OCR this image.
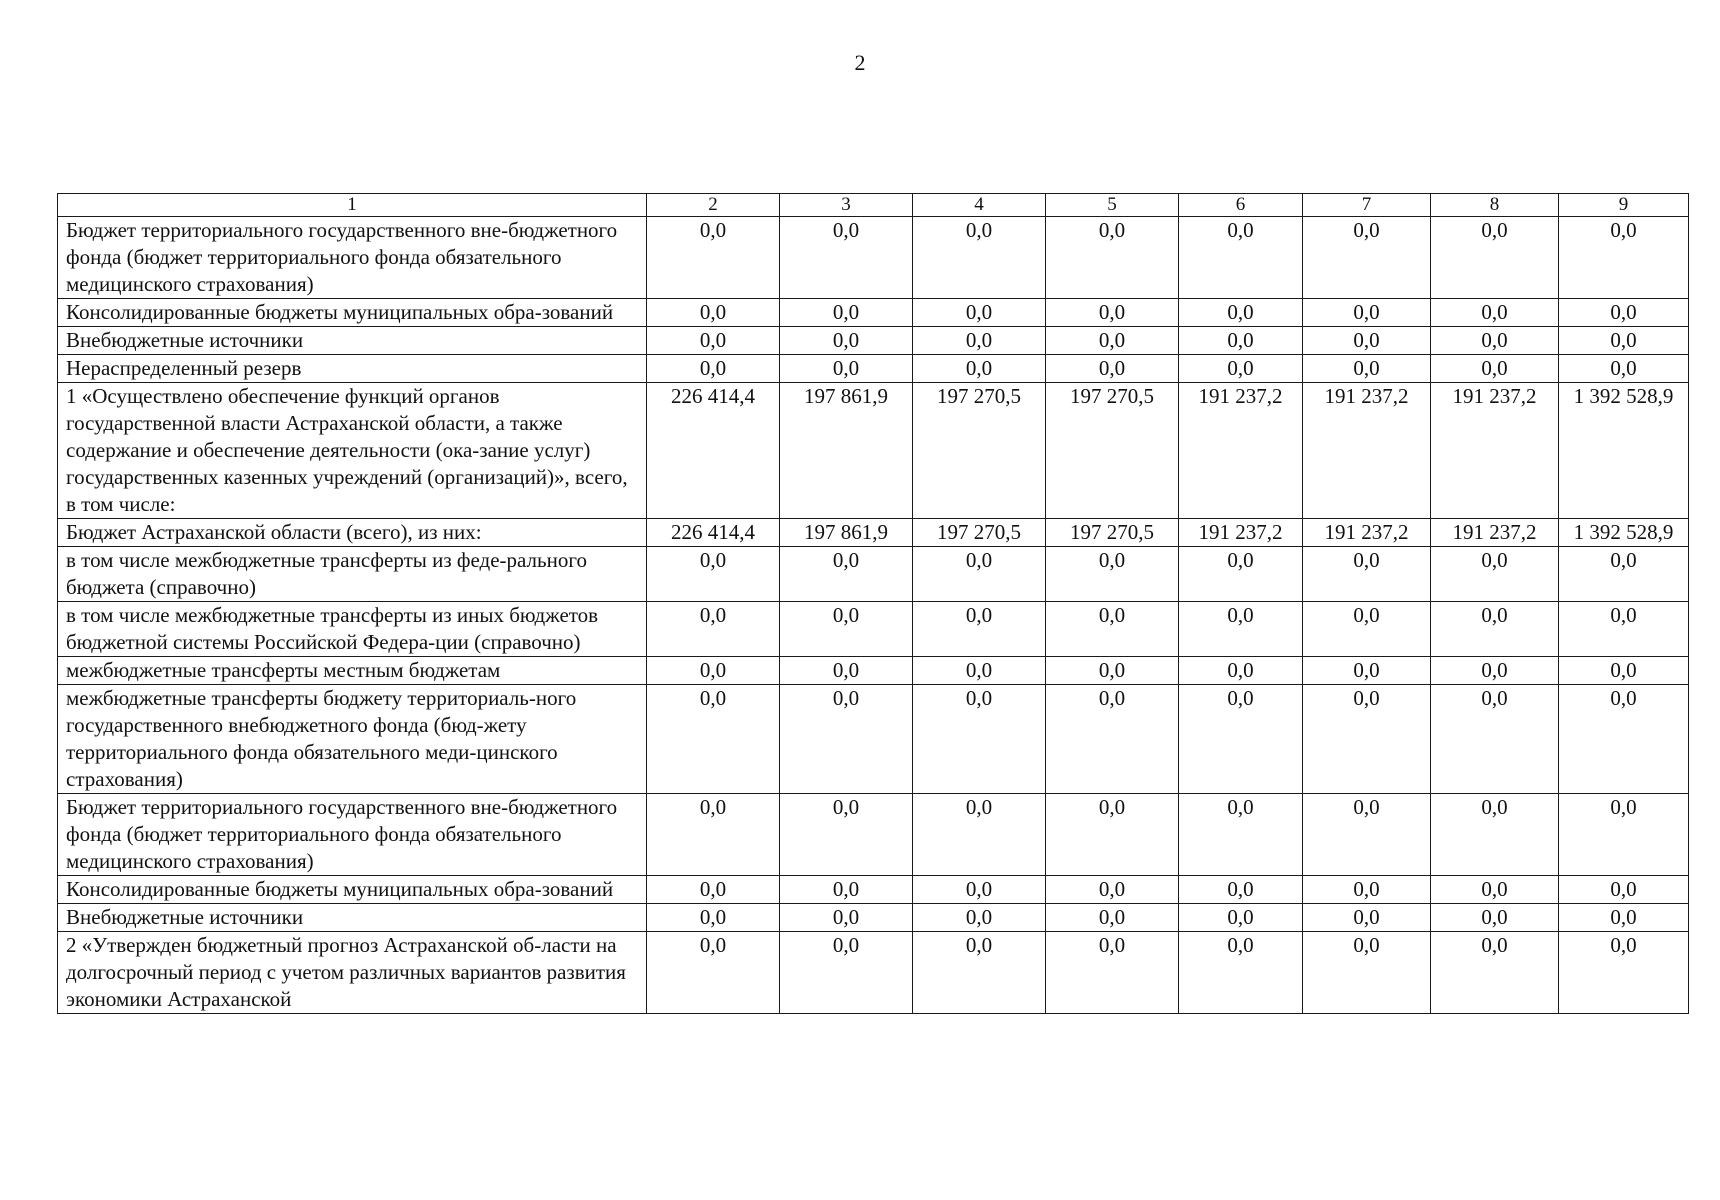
2
1	2	3	4	5	6	7	8	9
Бюджет территориального государственного вне-бюджетного фонда (бюджет территориального фонда обязательного медицинского страхования)	0,0	0,0	0,0	0,0	0,0	0,0	0,0	0,0
Консолидированные бюджеты муниципальных обра-зований	0,0	0,0	0,0	0,0	0,0	0,0	0,0	0,0
Внебюджетные источники	0,0	0,0	0,0	0,0	0,0	0,0	0,0	0,0
Нераспределенный резерв	0,0	0,0	0,0	0,0	0,0	0,0	0,0	0,0
1 «Осуществлено обеспечение функций органов государственной власти Астраханской области, а также содержание и обеспечение деятельности (ока-зание услуг) государственных казенных учреждений (организаций)», всего, в том числе:	226 414,4	197 861,9	197 270,5	197 270,5	191 237,2	191 237,2	191 237,2	1 392 528,9
Бюджет Астраханской области (всего), из них:	226 414,4	197 861,9	197 270,5	197 270,5	191 237,2	191 237,2	191 237,2	1 392 528,9
в том числе межбюджетные трансферты из феде-рального бюджета (справочно)	0,0	0,0	0,0	0,0	0,0	0,0	0,0	0,0
в том числе межбюджетные трансферты из иных бюджетов бюджетной системы Российской Федера-ции (справочно)	0,0	0,0	0,0	0,0	0,0	0,0	0,0	0,0
межбюджетные трансферты местным бюджетам	0,0	0,0	0,0	0,0	0,0	0,0	0,0	0,0
межбюджетные трансферты бюджету территориаль-ного государственного внебюджетного фонда (бюд-жету территориального фонда обязательного меди-цинского страхования)	0,0	0,0	0,0	0,0	0,0	0,0	0,0	0,0
Бюджет территориального государственного вне-бюджетного фонда (бюджет территориального фонда обязательного медицинского страхования)	0,0	0,0	0,0	0,0	0,0	0,0	0,0	0,0
Консолидированные бюджеты муниципальных обра-зований	0,0	0,0	0,0	0,0	0,0	0,0	0,0	0,0
Внебюджетные источники	0,0	0,0	0,0	0,0	0,0	0,0	0,0	0,0
2 «Утвержден бюджетный прогноз Астраханской об-ласти на долгосрочный период с учетом различных вариантов развития экономики Астраханской	0,0	0,0	0,0	0,0	0,0	0,0	0,0	0,0
